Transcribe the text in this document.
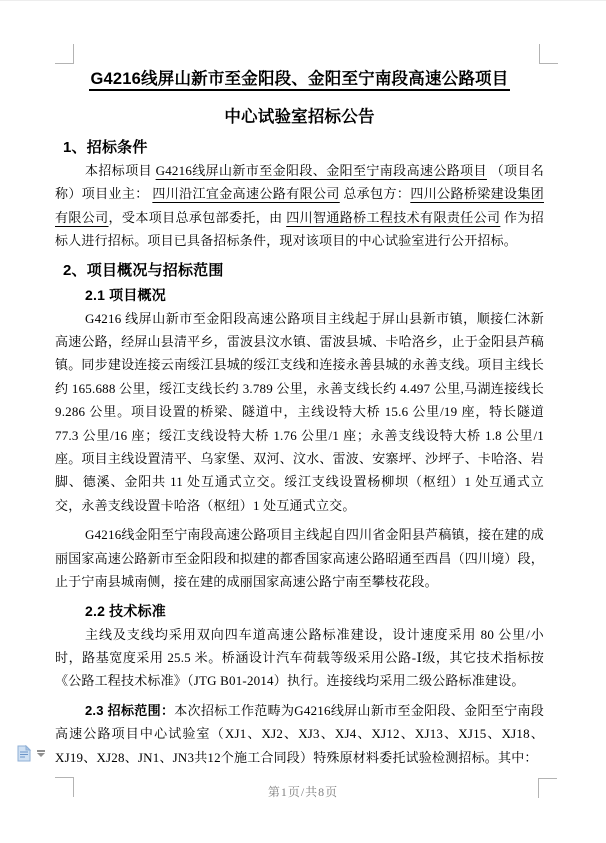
G4216线屏山新市至金阳段、金阳至宁南段高速公路项目
中心试验室招标公告
1、招标条件
本招标项目 G4216线屏山新市至金阳段、金阳至宁南段高速公路项目 （项目名称）项目业主： 四川沿江宜金高速公路有限公司 总承包方：四川公路桥梁建设集团有限公司，受本项目总承包部委托，由 四川智通路桥工程技术有限责任公司 作为招标人进行招标。项目已具备招标条件，现对该项目的中心试验室进行公开招标。
2、项目概况与招标范围
2.1 项目概况
G4216 线屏山新市至金阳段高速公路项目主线起于屏山县新市镇，顺接仁沐新高速公路，经屏山县清平乡，雷波县汶水镇、雷波县城、卡哈洛乡，止于金阳县芦稿镇。同步建设连接云南绥江县城的绥江支线和连接永善县城的永善支线。项目主线长约 165.688 公里，绥江支线长约 3.789 公里，永善支线长约 4.497 公里,马湖连接线长 9.286 公里。项目设置的桥梁、隧道中，主线设特大桥 15.6 公里/19 座，特长隧道 77.3 公里/16 座；绥江支线设特大桥 1.76 公里/1 座；永善支线设特大桥 1.8 公里/1 座。项目主线设置清平、乌家堡、双河、汶水、雷波、安寨坪、沙坪子、卡哈洛、岩脚、德溪、金阳共 11 处互通式立交。绥江支线设置杨柳坝（枢纽）1 处互通式立交，永善支线设置卡哈洛（枢纽）1 处互通式立交。
G4216线金阳至宁南段高速公路项目主线起自四川省金阳县芦稿镇，接在建的成丽国家高速公路新市至金阳段和拟建的都香国家高速公路昭通至西昌（四川境）段，止于宁南县城南侧，接在建的成丽国家高速公路宁南至攀枝花段。
2.2 技术标准
主线及支线均采用双向四车道高速公路标准建设，设计速度采用 80 公里/小时，路基宽度采用 25.5 米。桥涵设计汽车荷载等级采用公路-Ⅰ级，其它技术指标按《公路工程技术标准》（JTG B01-2014）执行。连接线均采用二级公路标准建设。
2.3 招标范围：本次招标工作范畴为G4216线屏山新市至金阳段、金阳至宁南段高速公路项目中心试验室（XJ1、XJ2、XJ3、XJ4、XJ12、XJ13、XJ15、XJ18、XJ19、XJ28、JN1、JN3共12个施工合同段）特殊原材料委托试验检测招标。其中：
第1页/共8页
